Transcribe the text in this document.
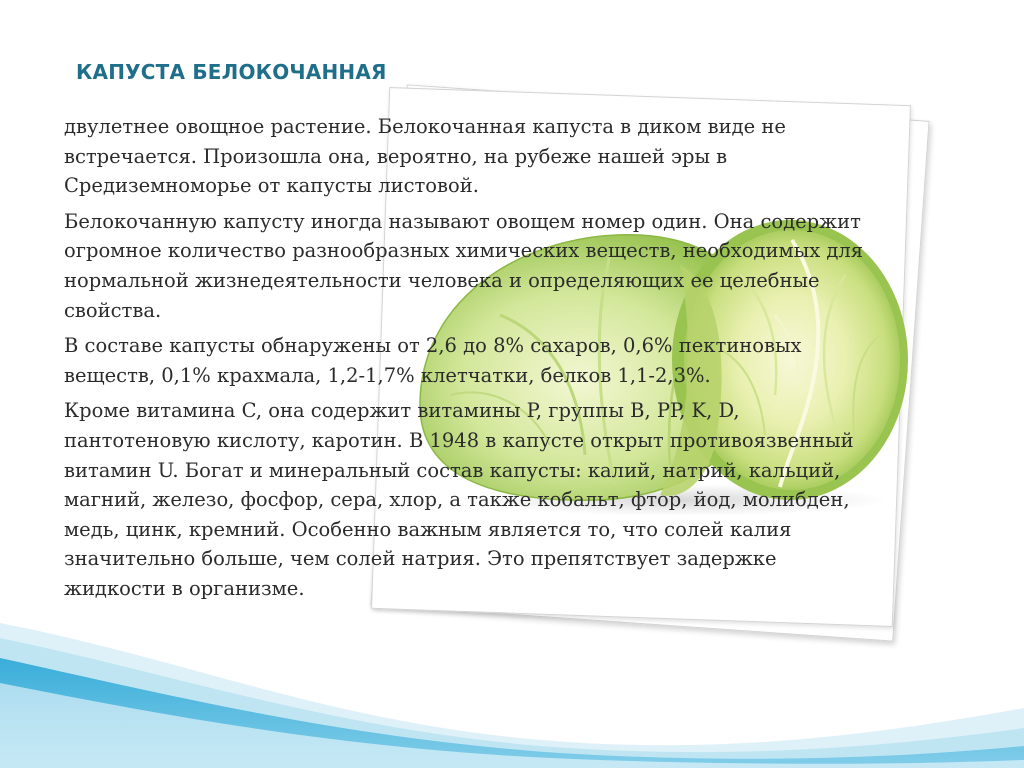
КАПУСТА БЕЛОКОЧАННАЯ

двулетнее овощное растение. Белокочанная капуста в диком виде не встречается. Произошла она, вероятно, на рубеже нашей эры в Средиземноморье от капусты листовой.

Белокочанную капусту иногда называют овощем номер один. Она содержит огромное количество разнообразных химических веществ, необходимых для нормальной жизнедеятельности человека и определяющих ее целебные свойства.

В составе капусты обнаружены от 2,6 до 8% сахаров, 0,6% пектиновых веществ, 0,1% крахмала, 1,2-1,7% клетчатки, белков 1,1-2,3%.

Кроме витамина C, она содержит витамины P, группы B, PP, K, D, пантотеновую кислоту, каротин. В 1948 в капусте открыт противоязвенный витамин U. Богат и минеральный состав капусты: калий, натрий, кальций, магний, железо, фосфор, сера, хлор, а также кобальт, фтор, йод, молибден, медь, цинк, кремний. Особенно важным является то, что солей калия значительно больше, чем солей натрия. Это препятствует задержке жидкости в организме.
